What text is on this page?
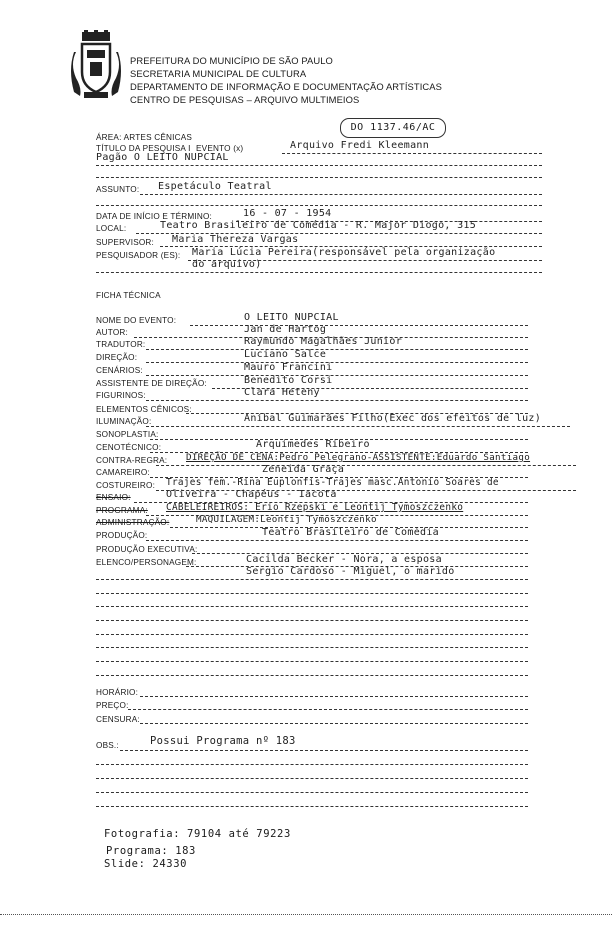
PREFEITURA DO MUNICÍPIO DE SÃO PAULO
SECRETARIA MUNICIPAL DE CULTURA
DEPARTAMENTO DE INFORMAÇÃO E DOCUMENTAÇÃO ARTÍSTICAS
CENTRO DE PESQUISAS – ARQUIVO MULTIMEIOS
DO 1137.46/AC
ÁREA: ARTES CÊNICAS
TÍTULO DA PESQUISA I EVENTO (x)	Arquivo Fredi Kleemann
Pagão O LEITO NUPCIAL
ASSUNTO: Espetáculo Teatral
DATA DE INÍCIO E TÉRMINO:	16 - 07 - 1954
LOCAL:	Teatro Brasileiro de Comédia - R. Major Diogo, 315
SUPERVISOR: Maria Thereza Vargas
PESQUISADOR (ES): Maria Lúcia Pereira(responsável pela organização
do arquivo)
FICHA TÉCNICA
NOME DO EVENTO:	O LEITO NUPCIAL
AUTOR:	Jan de Hartog
TRADUTOR:	Raymundo Magalhães Junior
DIREÇÃO:	Luciano Salce
CENÁRIOS:	Mauro Francini
ASSISTENTE DE DIREÇÃO:	Benedito Corsi
FIGURINOS:	Clara Heteny
ELEMENTOS CÊNICOS:
ILUMINAÇÃO:	Aníbal Guimarães Filho(Exec dos efeitos de luz)
SONOPLASTIA:
CENOTÉCNICO:	Arquimedes Ribeiro
CONTRA-REGRA: DIREÇÃO DE CENA:Pedro Pelegrano-ASSISTENTE:Eduardo Santiago
CAMAREIRO:	Zeneida Graça
COSTUREIRO: Trajes fem.-Rina Euplonfis-Trajes masc.Antonio Soares de
ENSAIO:	Oliveira - Chapéus - Iacota
PROGRAMA: CABELEIREIROS: Erio Rzepski e Leontij Tymoszczenko
ADMINISTRAÇÃO:	MAQUILAGEM:Leontij Tymoszczenko
PRODUÇÃO:	Teatro Brasileiro de Comédia
PRODUÇÃO EXECUTIVA:
ELENCO/PERSONAGEM:	Cacilda Becker - Nora, a esposa
Sergio Cardoso - Miguel, o marido
HORÁRIO:
PREÇO:
CENSURA:
OBS.:	Possui Programa nº 183
Fotografia: 79104 até 79223
Programa: 183
Slide: 24330
